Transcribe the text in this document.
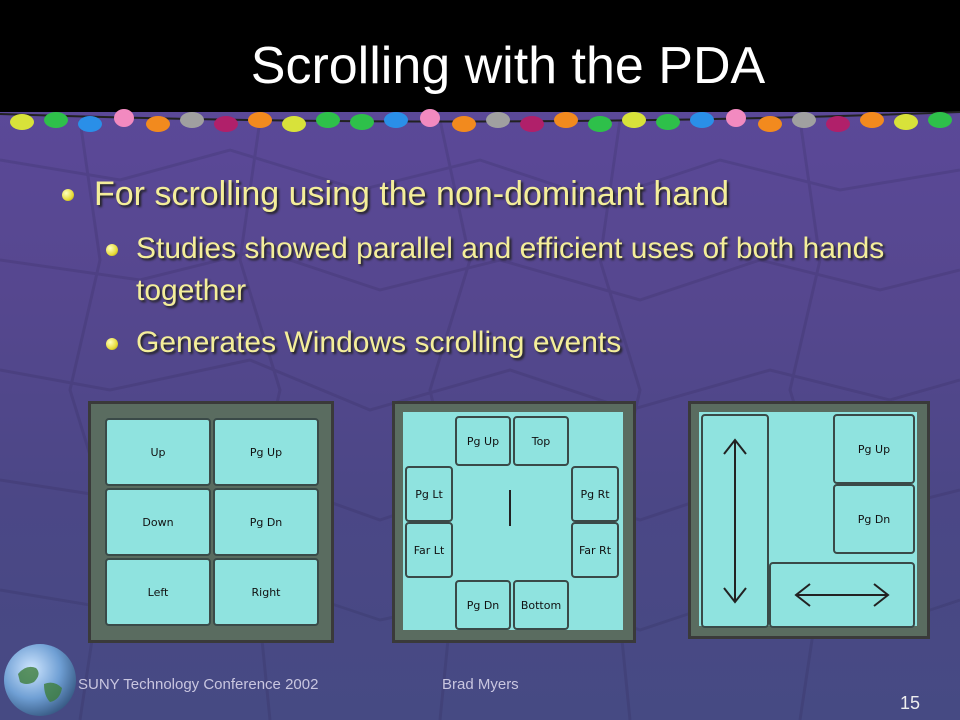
Scrolling with the PDA
For scrolling using the non-dominant hand
Studies showed parallel and efficient uses of both hands together
Generates Windows scrolling events
Up	Pg Up
Down	Pg Dn
Left	Right
Pg Up	Top
Pg Lt	Pg Rt
Far Lt	Far Rt
Pg Dn	Bottom
Pg Up
Pg Dn
SUNY Technology Conference 2002	Brad Myers
15
